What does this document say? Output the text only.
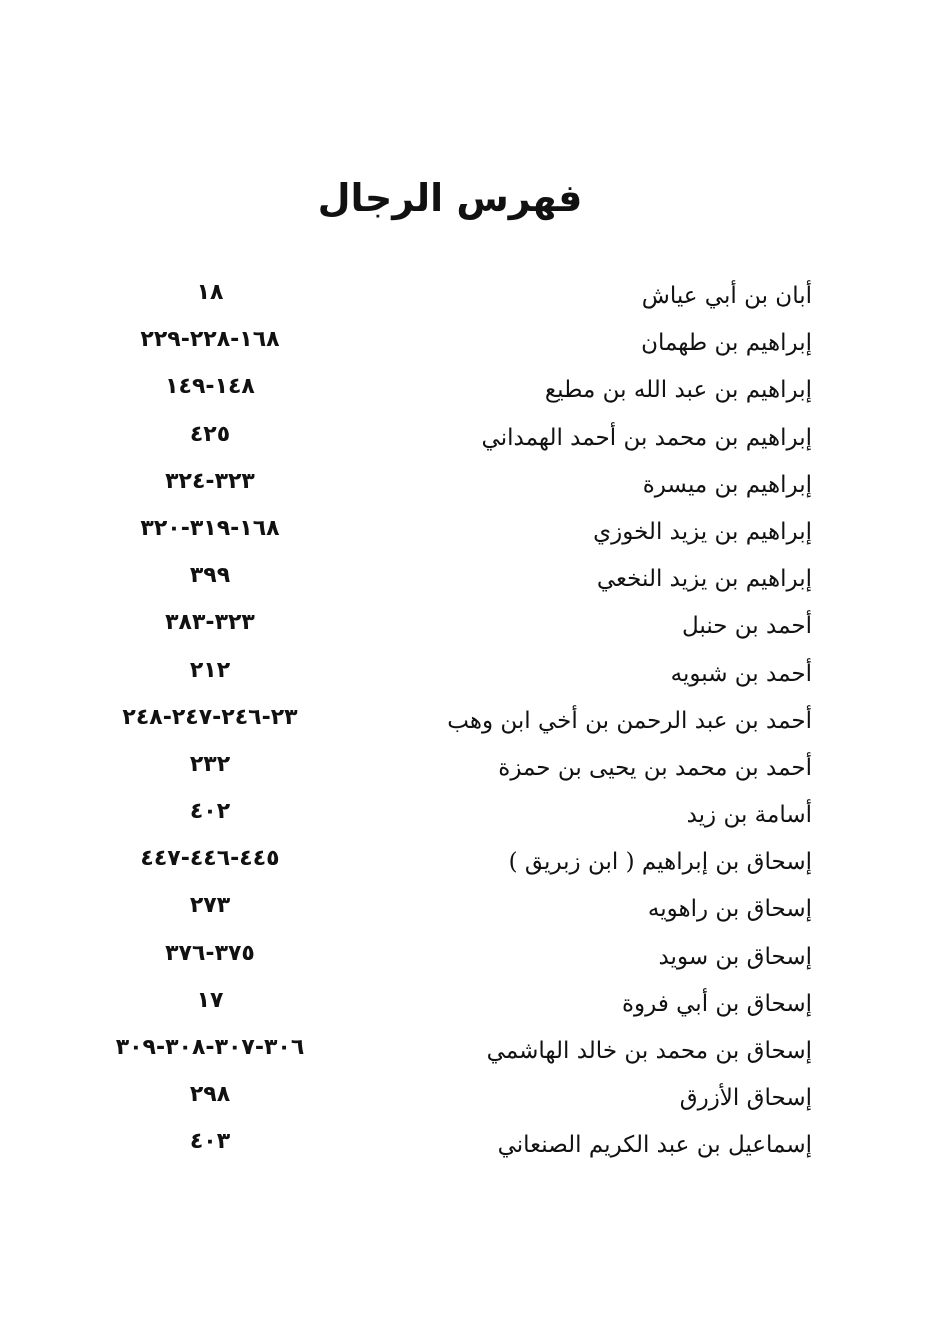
فهرس الرجال
أبان بن أبي عياش
١٨
إبراهيم بن طهمان
١٦٨-٢٢٨-٢٢٩
إبراهيم بن عبد الله بن مطيع
١٤٨-١٤٩
إبراهيم بن محمد بن أحمد الهمداني
٤٢٥
إبراهيم بن ميسرة
٣٢٣-٣٢٤
إبراهيم بن يزيد الخوزي
١٦٨-٣١٩-٣٢٠
إبراهيم بن يزيد النخعي
٣٩٩
أحمد بن حنبل
٣٢٣-٣٨٣
أحمد بن شبويه
٢١٢
أحمد بن عبد الرحمن بن أخي ابن وهب
٢٣-٢٤٦-٢٤٧-٢٤٨
أحمد بن محمد بن يحيى بن حمزة
٢٣٢
أسامة بن زيد
٤٠٢
إسحاق بن إبراهيم ( ابن زبريق )
٤٤٥-٤٤٦-٤٤٧
إسحاق بن راهويه
٢٧٣
إسحاق بن سويد
٣٧٥-٣٧٦
إسحاق بن أبي فروة
١٧
إسحاق بن محمد بن خالد الهاشمي
٣٠٦-٣٠٧-٣٠٨-٣٠٩
إسحاق الأزرق
٢٩٨
إسماعيل بن عبد الكريم الصنعاني
٤٠٣
